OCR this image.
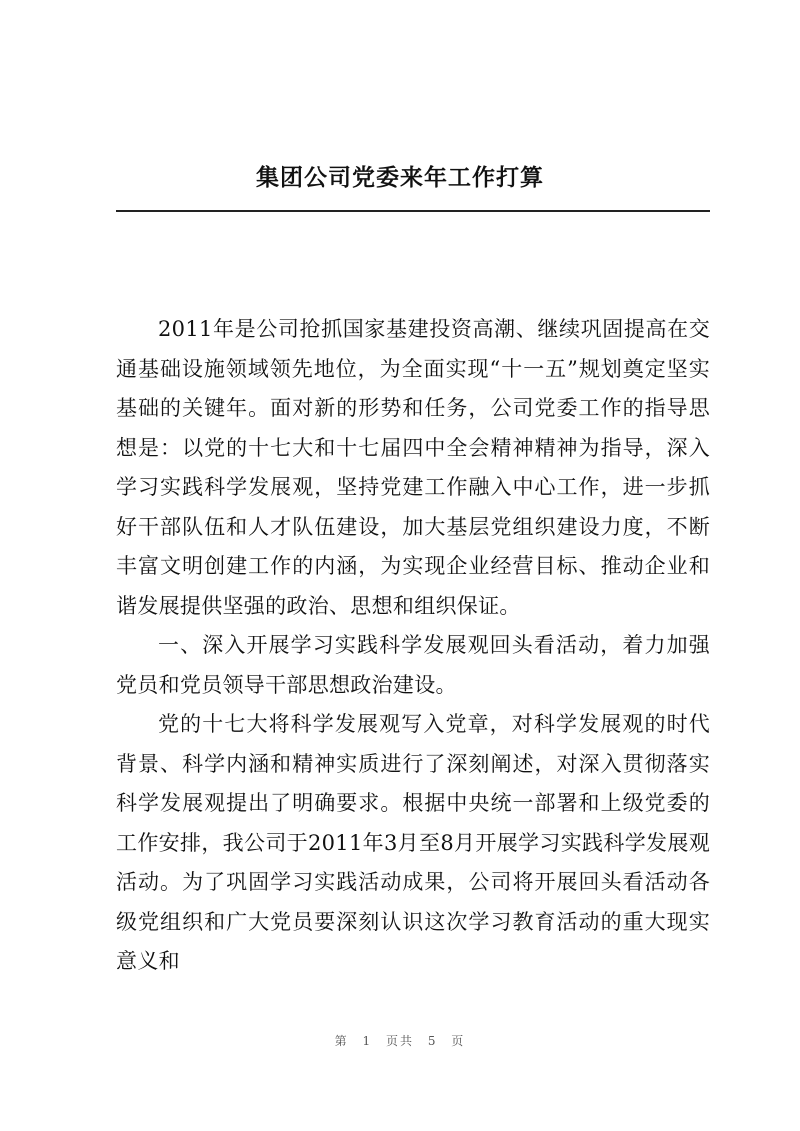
集团公司党委来年工作打算

2011年是公司抢抓国家基建投资高潮、继续巩固提高在交通基础设施领域领先地位，为全面实现“十一五”规划奠定坚实基础的关键年。面对新的形势和任务，公司党委工作的指导思想是：以党的十七大和十七届四中全会精神精神为指导，深入学习实践科学发展观，坚持党建工作融入中心工作，进一步抓好干部队伍和人才队伍建设，加大基层党组织建设力度，不断丰富文明创建工作的内涵，为实现企业经营目标、推动企业和谐发展提供坚强的政治、思想和组织保证。

一、深入开展学习实践科学发展观回头看活动，着力加强党员和党员领导干部思想政治建设。

党的十七大将科学发展观写入党章，对科学发展观的时代背景、科学内涵和精神实质进行了深刻阐述，对深入贯彻落实科学发展观提出了明确要求。根据中央统一部署和上级党委的工作安排，我公司于2011年3月至8月开展学习实践科学发展观活动。为了巩固学习实践活动成果，公司将开展回头看活动各级党组织和广大党员要深刻认识这次学习教育活动的重大现实意义和

第 1 页共 5 页
